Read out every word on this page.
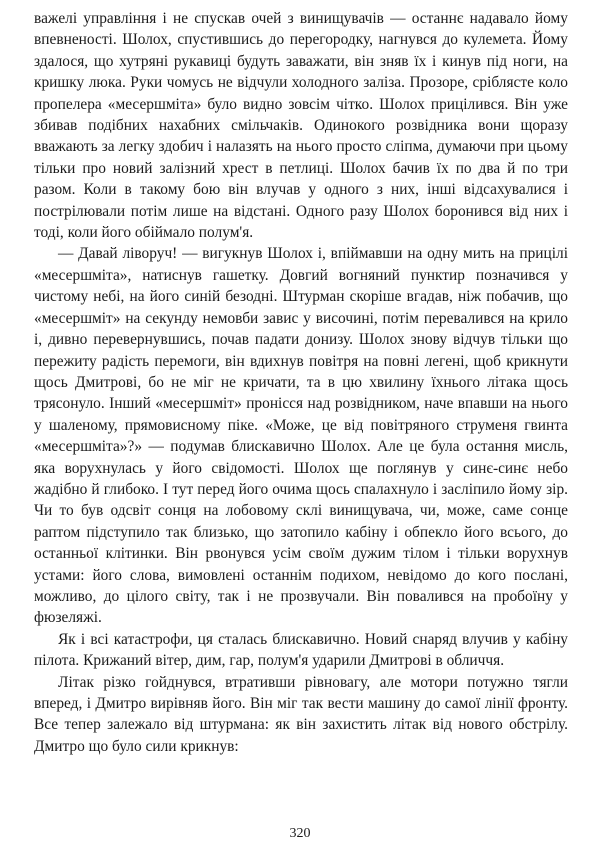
важелі управління і не спускав очей з винищувачів — останнє надавало йому впевненості. Шолох, спустившись до перегородку, нагнувся до кулемета. Йому здалося, що хутряні рукавиці будуть заважати, він зняв їх і кинув під ноги, на кришку люка. Руки чомусь не відчули холодного заліза. Прозоре, сріблясте коло пропелера «месершміта» було видно зовсім чітко. Шолох прицілився. Він уже збивав подібних нахабних смільчаків. Одинокого розвідника вони щоразу вважають за легку здобич і налазять на нього просто сліпма, думаючи при цьому тільки про новий залізний хрест в петлиці. Шолох бачив їх по два й по три разом. Коли в такому бою він влучав у одного з них, інші відсахувалися і пострілювали потім лише на відстані. Одного разу Шолох боронився від них і тоді, коли його обіймало полум'я.

— Давай ліворуч! — вигукнув Шолох і, впіймавши на одну мить на прицілі «месершміта», натиснув гашетку. Довгий вогняний пунктир позначився у чистому небі, на його синій безодні. Штурман скоріше вгадав, ніж побачив, що «месершміт» на секунду немовби завис у височині, потім перевалився на крило і, дивно перевернувшись, почав падати донизу. Шолох знову відчув тільки що пережиту радість перемоги, він вдихнув повітря на повні легені, щоб крикнути щось Дмитрові, бо не міг не кричати, та в цю хвилину їхнього літака щось трясонуло. Інший «месершміт» пронісся над розвідником, наче впавши на нього у шаленому, прямовисному піке. «Може, це від повітряного струменя гвинта «месершміта»?» — подумав блискавично Шолох. Але це була остання мисль, яка ворухнулась у його свідомості. Шолох ще поглянув у синє-синє небо жадібно й глибоко. І тут перед його очима щось спалахнуло і засліпило йому зір. Чи то був одсвіт сонця на лобовому склі винищувача, чи, може, саме сонце раптом підступило так близько, що затопило кабіну і обпекло його всього, до останньої клітинки. Він рвонувся усім своїм дужим тілом і тільки ворухнув устами: його слова, вимовлені останнім подихом, невідомо до кого послані, можливо, до цілого світу, так і не прозвучали. Він повалився на пробоїну у фюзеляжі.

Як і всі катастрофи, ця сталась блискавично. Новий снаряд влучив у кабіну пілота. Крижаний вітер, дим, гар, полум'я ударили Дмитрові в обличчя.

Літак різко гойднувся, втративши рівновагу, але мотори потужно тягли вперед, і Дмитро вирівняв його. Він міг так вести машину до самої лінії фронту. Все тепер залежало від штурмана: як він захистить літак від нового обстрілу. Дмитро що було сили крикнув:

320
